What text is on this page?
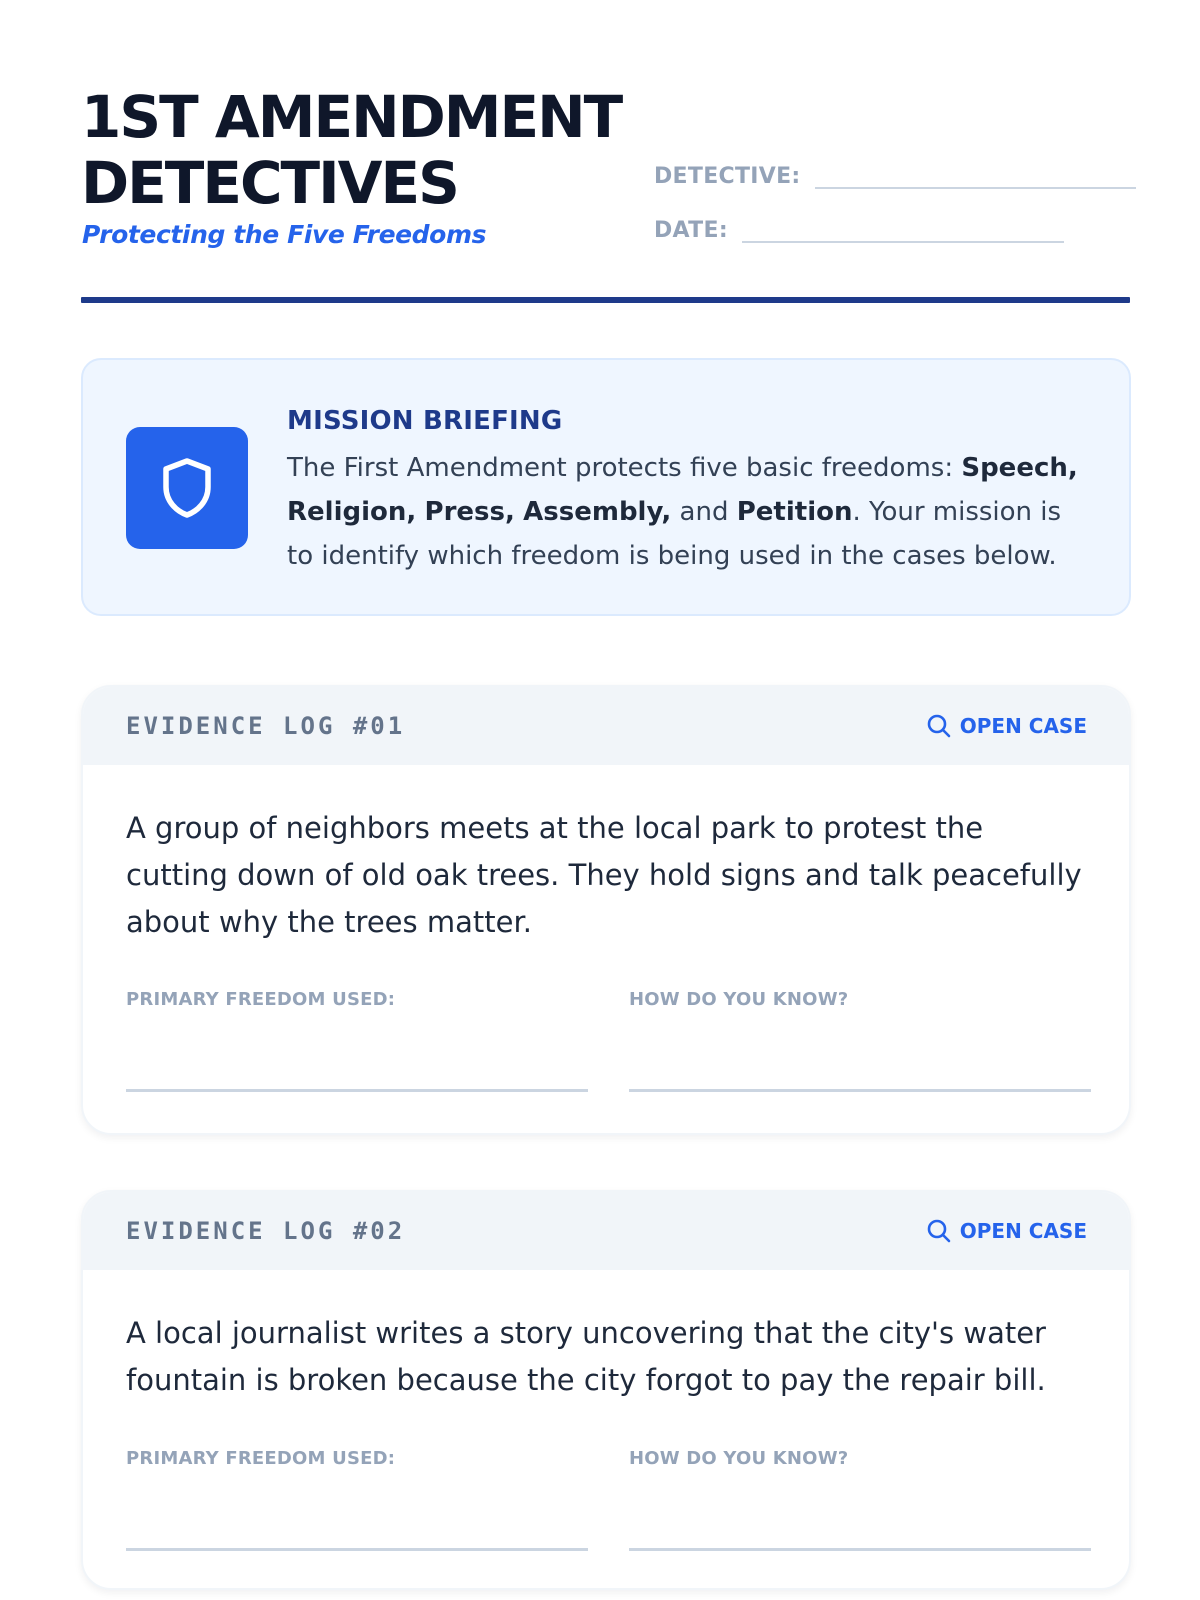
1ST AMENDMENT
DETECTIVES
Protecting the Five Freedoms
DETECTIVE:
DATE:
MISSION BRIEFING

The First Amendment protects five basic freedoms: Speech, Religion, Press, Assembly, and Petition. Your mission is to identify which freedom is being used in the cases below.

EVIDENCE LOG #01	OPEN CASE

A group of neighbors meets at the local park to protest the cutting down of old oak trees. They hold signs and talk peacefully about why the trees matter.

PRIMARY FREEDOM USED:	HOW DO YOU KNOW?
EVIDENCE LOG #02	OPEN CASE

A local journalist writes a story uncovering that the city's water fountain is broken because the city forgot to pay the repair bill.

PRIMARY FREEDOM USED:	HOW DO YOU KNOW?
